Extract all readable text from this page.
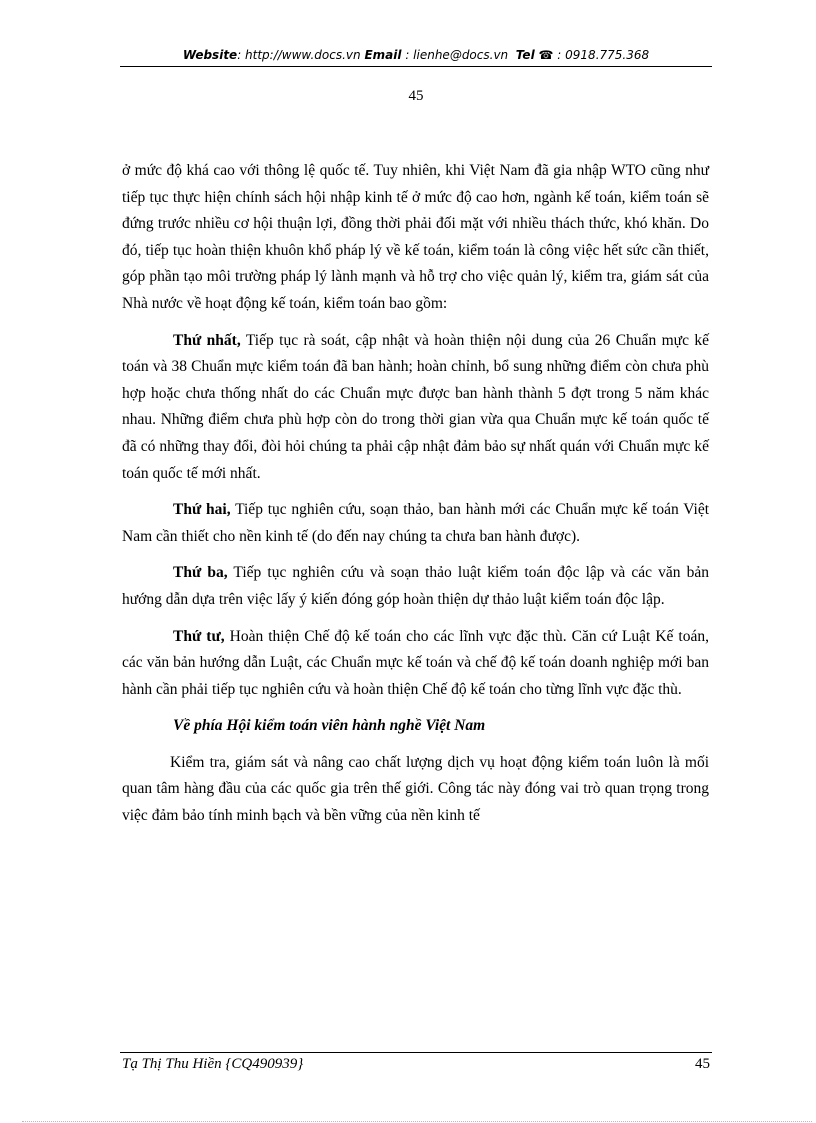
Website: http://www.docs.vn Email : lienhe@docs.vn Tel ☎ : 0918.775.368
45

ở mức độ khá cao với thông lệ quốc tế. Tuy nhiên, khi Việt Nam đã gia nhập WTO cũng như tiếp tục thực hiện chính sách hội nhập kinh tế ở mức độ cao hơn, ngành kế toán, kiểm toán sẽ đứng trước nhiều cơ hội thuận lợi, đồng thời phải đối mặt với nhiều thách thức, khó khăn. Do đó, tiếp tục hoàn thiện khuôn khổ pháp lý về kế toán, kiểm toán là công việc hết sức cần thiết, góp phần tạo môi trường pháp lý lành mạnh và hỗ trợ cho việc quản lý, kiểm tra, giám sát của Nhà nước về hoạt động kế toán, kiểm toán bao gồm:

Thứ nhất, Tiếp tục rà soát, cập nhật và hoàn thiện nội dung của 26 Chuẩn mực kế toán và 38 Chuẩn mực kiểm toán đã ban hành; hoàn chỉnh, bổ sung những điểm còn chưa phù hợp hoặc chưa thống nhất do các Chuẩn mực được ban hành thành 5 đợt trong 5 năm khác nhau. Những điểm chưa phù hợp còn do trong thời gian vừa qua Chuẩn mực kế toán quốc tế đã có những thay đổi, đòi hỏi chúng ta phải cập nhật đảm bảo sự nhất quán với Chuẩn mực kế toán quốc tế mới nhất.

Thứ hai, Tiếp tục nghiên cứu, soạn thảo, ban hành mới các Chuẩn mực kế toán Việt Nam cần thiết cho nền kinh tế (do đến nay chúng ta chưa ban hành được).

Thứ ba, Tiếp tục nghiên cứu và soạn thảo luật kiểm toán độc lập và các văn bản hướng dẫn dựa trên việc lấy ý kiến đóng góp hoàn thiện dự thảo luật kiểm toán độc lập.

Thứ tư, Hoàn thiện Chế độ kế toán cho các lĩnh vực đặc thù. Căn cứ Luật Kế toán, các văn bản hướng dẫn Luật, các Chuẩn mực kế toán và chế độ kế toán doanh nghiệp mới ban hành cần phải tiếp tục nghiên cứu và hoàn thiện Chế độ kế toán cho từng lĩnh vực đặc thù.

Về phía Hội kiểm toán viên hành nghề Việt Nam

Kiểm tra, giám sát và nâng cao chất lượng dịch vụ hoạt động kiểm toán luôn là mối quan tâm hàng đầu của các quốc gia trên thế giới. Công tác này đóng vai trò quan trọng trong việc đảm bảo tính minh bạch và bền vững của nền kinh tế

Tạ Thị Thu Hiền {CQ490939}	45
